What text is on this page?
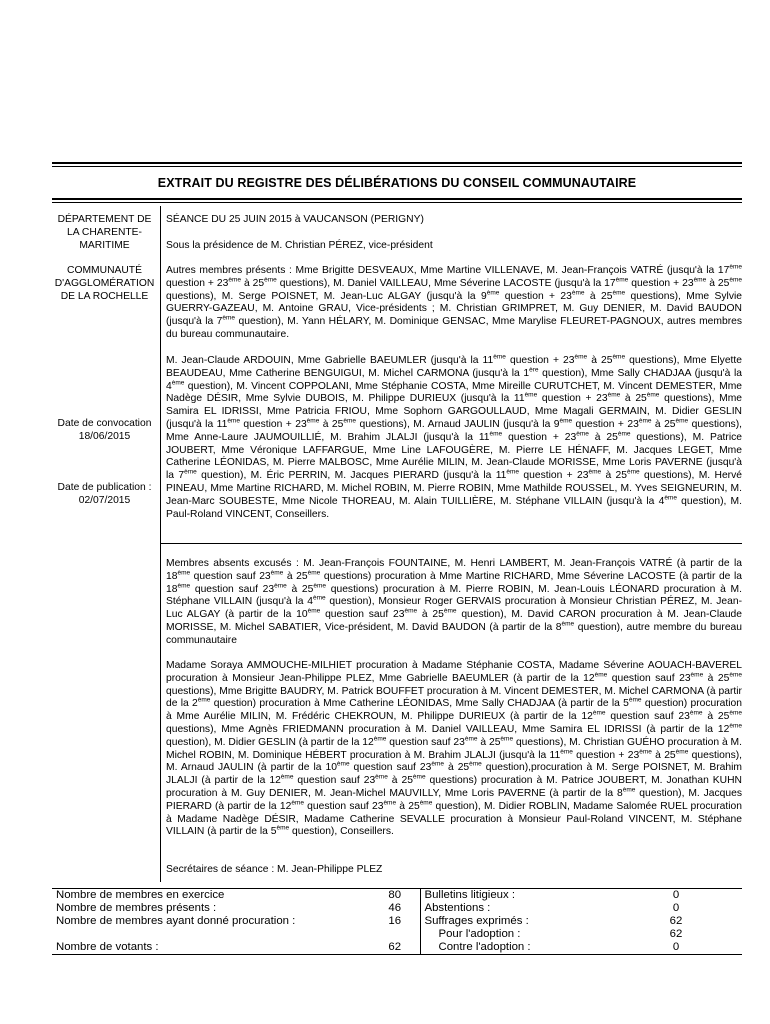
EXTRAIT DU REGISTRE DES DÉLIBÉRATIONS DU CONSEIL COMMUNAUTAIRE
DÉPARTEMENT DE LA CHARENTE-MARITIME
COMMUNAUTÉ D'AGGLOMÉRATION DE LA ROCHELLE
Date de convocation 18/06/2015
Date de publication : 02/07/2015
SÉANCE DU 25 JUIN 2015 à VAUCANSON (PERIGNY)
Sous la présidence de M. Christian PÉREZ, vice-président

Autres membres présents : Mme Brigitte DESVEAUX, Mme Martine VILLENAVE, M. Jean-François VATRÉ (jusqu'à la 17ème question + 23ème à 25ème questions), M. Daniel VAILLEAU, Mme Séverine LACOSTE (jusqu'à la 17ème question + 23ème à 25ème questions), M. Serge POISNET, M. Jean-Luc ALGAY (jusqu'à la 9ème question + 23ème à 25ème questions), Mme Sylvie GUERRY-GAZEAU, M. Antoine GRAU, Vice-présidents ; M. Christian GRIMPRET, M. Guy DENIER, M. David BAUDON (jusqu'à la 7ème question), M. Yann HÉLARY, M. Dominique GENSAC, Mme Marylise FLEURET-PAGNOUX, autres membres du bureau communautaire.

M. Jean-Claude ARDOUIN, Mme Gabrielle BAEUMLER (jusqu'à la 11ème question + 23ème à 25ème questions), Mme Elyette BEAUDEAU, Mme Catherine BENGUIGUI, M. Michel CARMONA (jusqu'à la 1ère question), Mme Sally CHADJAA (jusqu'à la 4ème question), M. Vincent COPPOLANI, Mme Stéphanie COSTA, Mme Mireille CURUTCHET, M. Vincent DEMESTER, Mme Nadège DÉSIR, Mme Sylvie DUBOIS, M. Philippe DURIEUX (jusqu'à la 11ème question + 23ème à 25ème questions), Mme Samira EL IDRISSI, Mme Patricia FRIOU, Mme Sophorn GARGOULLAUD, Mme Magali GERMAIN, M. Didier GESLIN (jusqu'à la 11ème question + 23ème à 25ème questions), M. Arnaud JAULIN (jusqu'à la 9ème question + 23ème à 25ème questions), Mme Anne-Laure JAUMOUILLIÉ, M. Brahim JLALJI (jusqu'à la 11ème question + 23ème à 25ème questions), M. Patrice JOUBERT, Mme Véronique LAFFARGUE, Mme Line LAFOUGÈRE, M. Pierre LE HÉNAFF, M. Jacques LEGET, Mme Catherine LÉONIDAS, M. Pierre MALBOSC, Mme Aurélie MILIN, M. Jean-Claude MORISSE, Mme Loris PAVERNE (jusqu'à la 7ème question), M. Éric PERRIN, M. Jacques PIERARD (jusqu'à la 11ème question + 23ème à 25ème questions), M. Hervé PINEAU, Mme Martine RICHARD, M. Michel ROBIN, M. Pierre ROBIN, Mme Mathilde ROUSSEL, M. Yves SEIGNEURIN, M. Jean-Marc SOUBESTE, Mme Nicole THOREAU, M. Alain TUILLIÈRE, M. Stéphane VILLAIN (jusqu'à la 4ème question), M. Paul-Roland VINCENT, Conseillers.

Membres absents excusés : M. Jean-François FOUNTAINE, M. Henri LAMBERT, M. Jean-François VATRÉ (à partir de la 18ème question sauf 23ème à 25ème questions) procuration à Mme Martine RICHARD, Mme Séverine LACOSTE (à partir de la 18ème question sauf 23ème à 25ème questions) procuration à M. Pierre ROBIN, M. Jean-Louis LÉONARD procuration à M. Stéphane VILLAIN (jusqu'à la 4ème question), Monsieur Roger GERVAIS procuration à Monsieur Christian PÉREZ, M. Jean-Luc ALGAY (à partir de la 10ème question sauf 23ème à 25ème question), M. David CARON procuration à M. Jean-Claude MORISSE, M. Michel SABATIER, Vice-président, M. David BAUDON (à partir de la 8ème question), autre membre du bureau communautaire

Madame Soraya AMMOUCHE-MILHIET procuration à Madame Stéphanie COSTA, Madame Séverine AOUACH-BAVEREL procuration à Monsieur Jean-Philippe PLEZ, Mme Gabrielle BAEUMLER (à partir de la 12ème question sauf 23ème à 25ème questions), Mme Brigitte BAUDRY, M. Patrick BOUFFET procuration à M. Vincent DEMESTER, M. Michel CARMONA (à partir de la 2ème question) procuration à Mme Catherine LÉONIDAS, Mme Sally CHADJAA (à partir de la 5ème question) procuration à Mme Aurélie MILIN, M. Frédéric CHEKROUN, M. Philippe DURIEUX (à partir de la 12ème question sauf 23ème à 25ème questions), Mme Agnès FRIEDMANN procuration à M. Daniel VAILLEAU, Mme Samira EL IDRISSI (à partir de la 12ème question), M. Didier GESLIN (à partir de la 12ème question sauf 23ème à 25ème questions), M. Christian GUÉHO procuration à M. Michel ROBIN, M. Dominique HÉBERT procuration à M. Brahim JLALJI (jusqu'à la 11ème question + 23ème à 25ème questions), M. Arnaud JAULIN (à partir de la 10ème question sauf 23ème à 25ème question),procuration à M. Serge POISNET, M. Brahim JLALJI (à partir de la 12ème question sauf 23ème à 25ème questions) procuration à M. Patrice JOUBERT, M. Jonathan KUHN procuration à M. Guy DENIER, M. Jean-Michel MAUVILLY, Mme Loris PAVERNE (à partir de la 8ème question), M. Jacques PIERARD (à partir de la 12ème question sauf 23ème à 25ème question), M. Didier ROBLIN, Madame Salomée RUEL procuration à Madame Nadège DÉSIR, Madame Catherine SEVALLE procuration à Monsieur Paul-Roland VINCENT, M. Stéphane VILLAIN (à partir de la 5ème question), Conseillers.

Secrétaires de séance : M. Jean-Philippe PLEZ

Nombre de membres en exercice	80	Bulletins litigieux :	0
Nombre de membres présents :	46	Abstentions :	0
Nombre de membres ayant donné procuration :	16	Suffrages exprimés :	62
		Pour l'adoption :	62
Nombre de votants :	62	Contre l'adoption :	0
